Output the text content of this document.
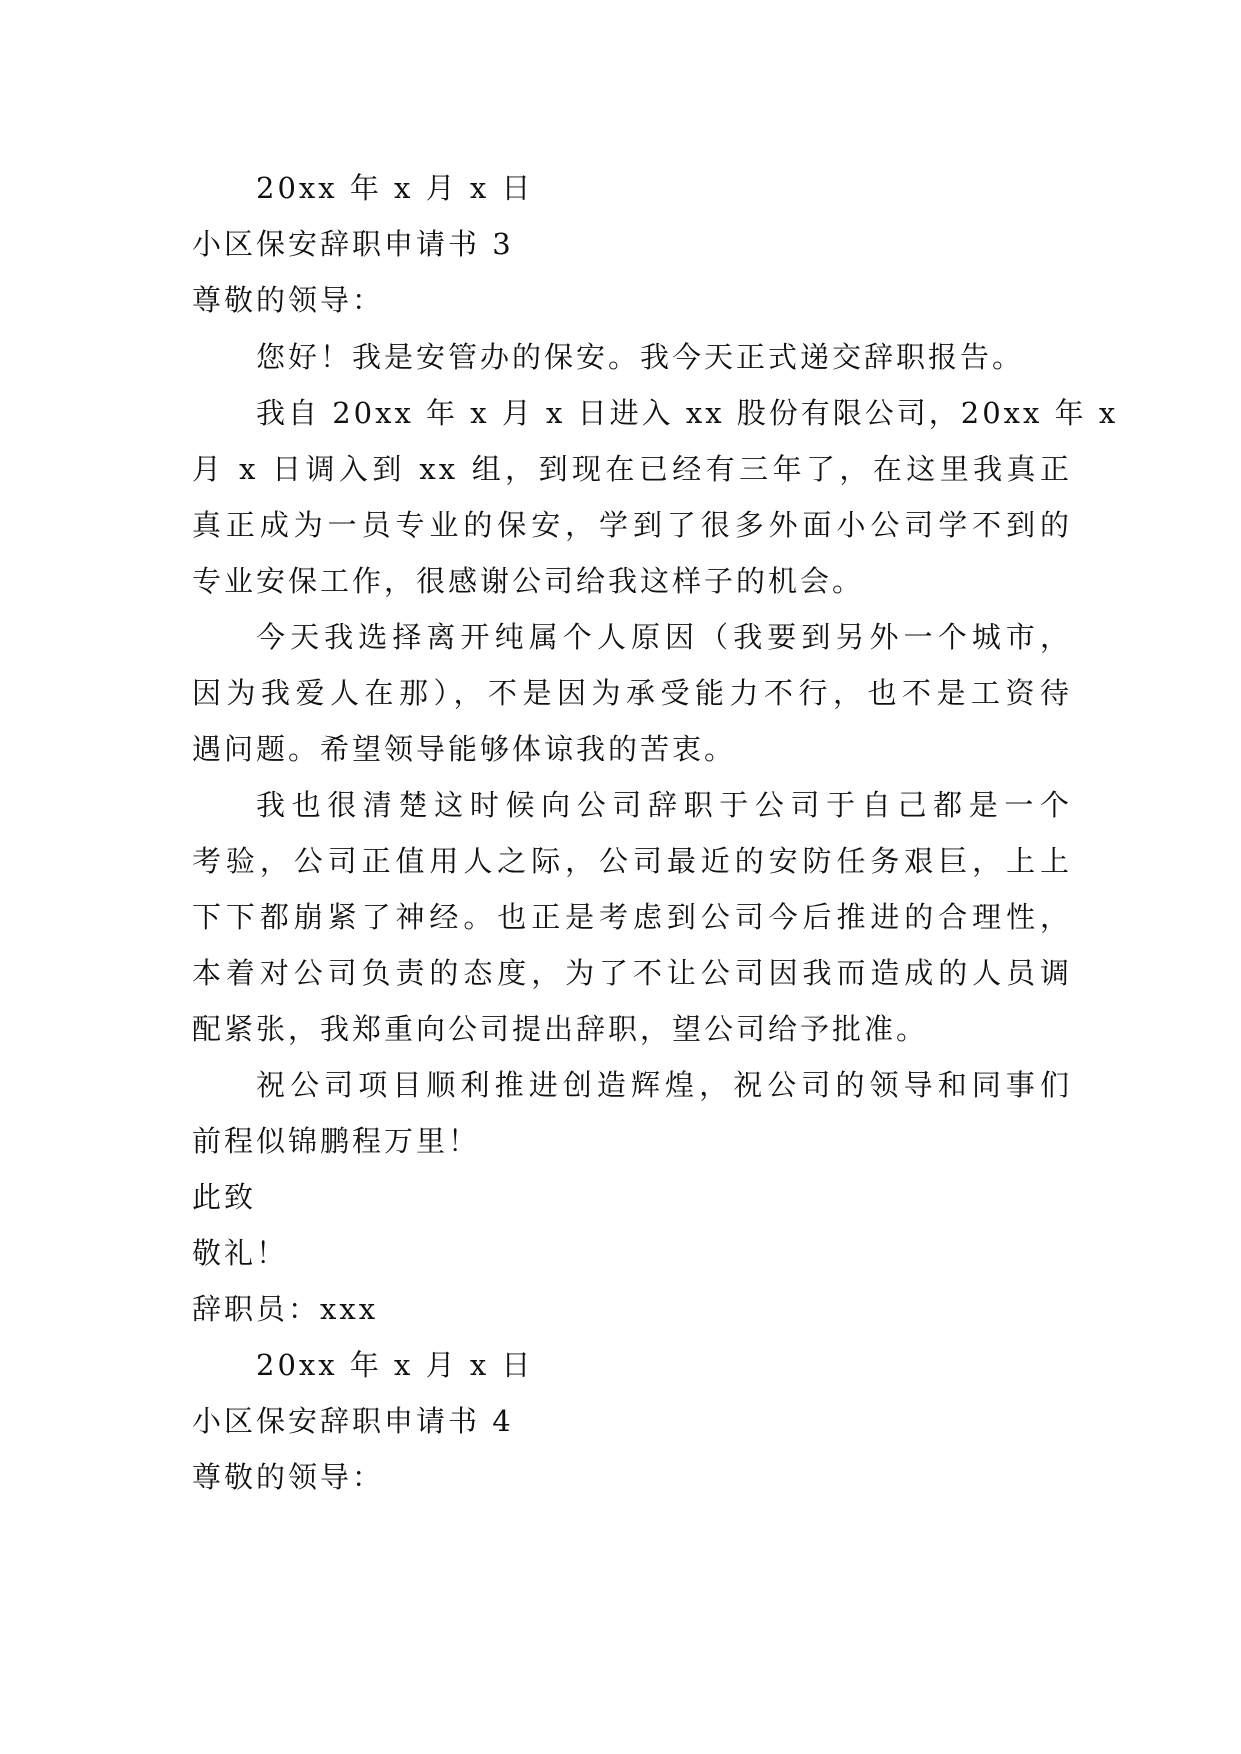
20xx 年 x 月 x 日
小区保安辞职申请书 3
尊敬的领导：
您好！我是安管办的保安。我今天正式递交辞职报告。
我自 20xx 年 x 月 x 日进入 xx 股份有限公司，20xx 年 x
月 x 日调入到 xx 组，到现在已经有三年了，在这里我真正
真正成为一员专业的保安，学到了很多外面小公司学不到的
专业安保工作，很感谢公司给我这样子的机会。
今天我选择离开纯属个人原因（我要到另外一个城市，
因为我爱人在那），不是因为承受能力不行，也不是工资待
遇问题。希望领导能够体谅我的苦衷。
我也很清楚这时候向公司辞职于公司于自己都是一个
考验，公司正值用人之际，公司最近的安防任务艰巨，上上
下下都崩紧了神经。也正是考虑到公司今后推进的合理性，
本着对公司负责的态度，为了不让公司因我而造成的人员调
配紧张，我郑重向公司提出辞职，望公司给予批准。
祝公司项目顺利推进创造辉煌，祝公司的领导和同事们
前程似锦鹏程万里！
此致
敬礼！
辞职员：xxx
20xx 年 x 月 x 日
小区保安辞职申请书 4
尊敬的领导：
